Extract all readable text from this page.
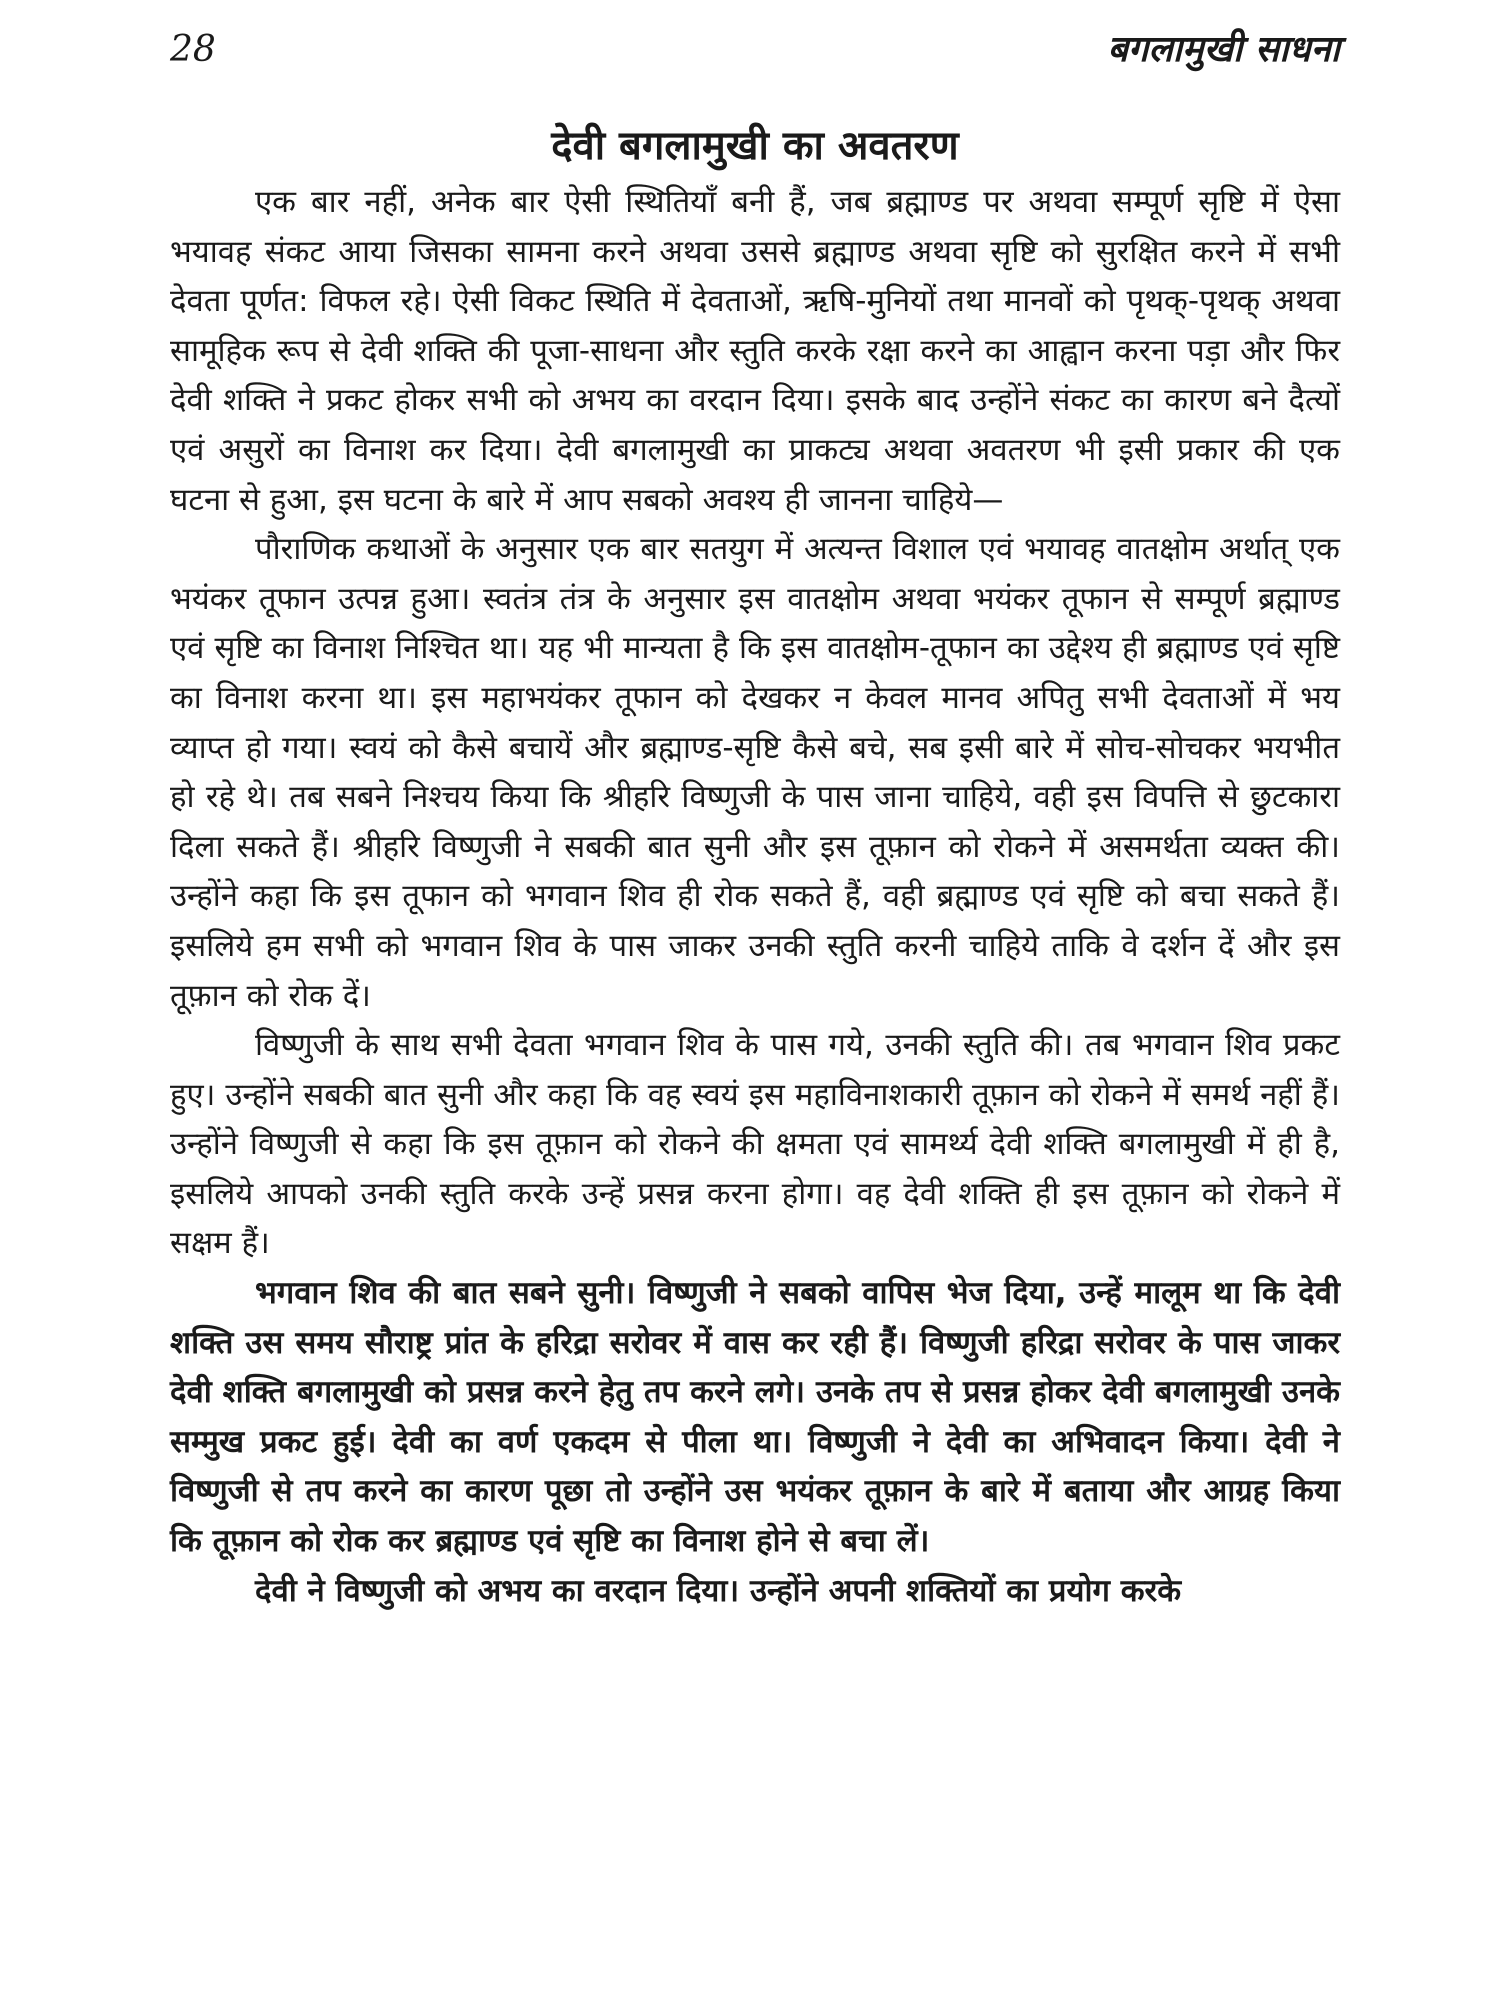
28	बगलामुखी साधना
देवी बगलामुखी का अवतरण

एक बार नहीं, अनेक बार ऐसी स्थितियाँ बनी हैं, जब ब्रह्माण्ड पर अथवा सम्पूर्ण सृष्टि में ऐसा भयावह संकट आया जिसका सामना करने अथवा उससे ब्रह्माण्ड अथवा सृष्टि को सुरक्षित करने में सभी देवता पूर्णत: विफल रहे। ऐसी विकट स्थिति में देवताओं, ऋषि-मुनियों तथा मानवों को पृथक्-पृथक् अथवा सामूहिक रूप से देवी शक्ति की पूजा-साधना और स्तुति करके रक्षा करने का आह्वान करना पड़ा और फिर देवी शक्ति ने प्रकट होकर सभी को अभय का वरदान दिया। इसके बाद उन्होंने संकट का कारण बने दैत्यों एवं असुरों का विनाश कर दिया। देवी बगलामुखी का प्राकट्य अथवा अवतरण भी इसी प्रकार की एक घटना से हुआ, इस घटना के बारे में आप सबको अवश्य ही जानना चाहिये—

पौराणिक कथाओं के अनुसार एक बार सतयुग में अत्यन्त विशाल एवं भयावह वातक्षोम अर्थात् एक भयंकर तूफान उत्पन्न हुआ। स्वतंत्र तंत्र के अनुसार इस वातक्षोम अथवा भयंकर तूफान से सम्पूर्ण ब्रह्माण्ड एवं सृष्टि का विनाश निश्चित था। यह भी मान्यता है कि इस वातक्षोम-तूफान का उद्देश्य ही ब्रह्माण्ड एवं सृष्टि का विनाश करना था। इस महाभयंकर तूफान को देखकर न केवल मानव अपितु सभी देवताओं में भय व्याप्त हो गया। स्वयं को कैसे बचायें और ब्रह्माण्ड-सृष्टि कैसे बचे, सब इसी बारे में सोच-सोचकर भयभीत हो रहे थे। तब सबने निश्चय किया कि श्रीहरि विष्णुजी के पास जाना चाहिये, वही इस विपत्ति से छुटकारा दिला सकते हैं। श्रीहरि विष्णुजी ने सबकी बात सुनी और इस तूफ़ान को रोकने में असमर्थता व्यक्त की। उन्होंने कहा कि इस तूफान को भगवान शिव ही रोक सकते हैं, वही ब्रह्माण्ड एवं सृष्टि को बचा सकते हैं। इसलिये हम सभी को भगवान शिव के पास जाकर उनकी स्तुति करनी चाहिये ताकि वे दर्शन दें और इस तूफ़ान को रोक दें।

विष्णुजी के साथ सभी देवता भगवान शिव के पास गये, उनकी स्तुति की। तब भगवान शिव प्रकट हुए। उन्होंने सबकी बात सुनी और कहा कि वह स्वयं इस महाविनाशकारी तूफ़ान को रोकने में समर्थ नहीं हैं। उन्होंने विष्णुजी से कहा कि इस तूफ़ान को रोकने की क्षमता एवं सामर्थ्य देवी शक्ति बगलामुखी में ही है, इसलिये आपको उनकी स्तुति करके उन्हें प्रसन्न करना होगा। वह देवी शक्ति ही इस तूफ़ान को रोकने में सक्षम हैं।

भगवान शिव की बात सबने सुनी। विष्णुजी ने सबको वापिस भेज दिया, उन्हें मालूम था कि देवी शक्ति उस समय सौराष्ट्र प्रांत के हरिद्रा सरोवर में वास कर रही हैं। विष्णुजी हरिद्रा सरोवर के पास जाकर देवी शक्ति बगलामुखी को प्रसन्न करने हेतु तप करने लगे। उनके तप से प्रसन्न होकर देवी बगलामुखी उनके सम्मुख प्रकट हुई। देवी का वर्ण एकदम से पीला था। विष्णुजी ने देवी का अभिवादन किया। देवी ने विष्णुजी से तप करने का कारण पूछा तो उन्होंने उस भयंकर तूफ़ान के बारे में बताया और आग्रह किया कि तूफ़ान को रोक कर ब्रह्माण्ड एवं सृष्टि का विनाश होने से बचा लें।

देवी ने विष्णुजी को अभय का वरदान दिया। उन्होंने अपनी शक्तियों का प्रयोग करके
